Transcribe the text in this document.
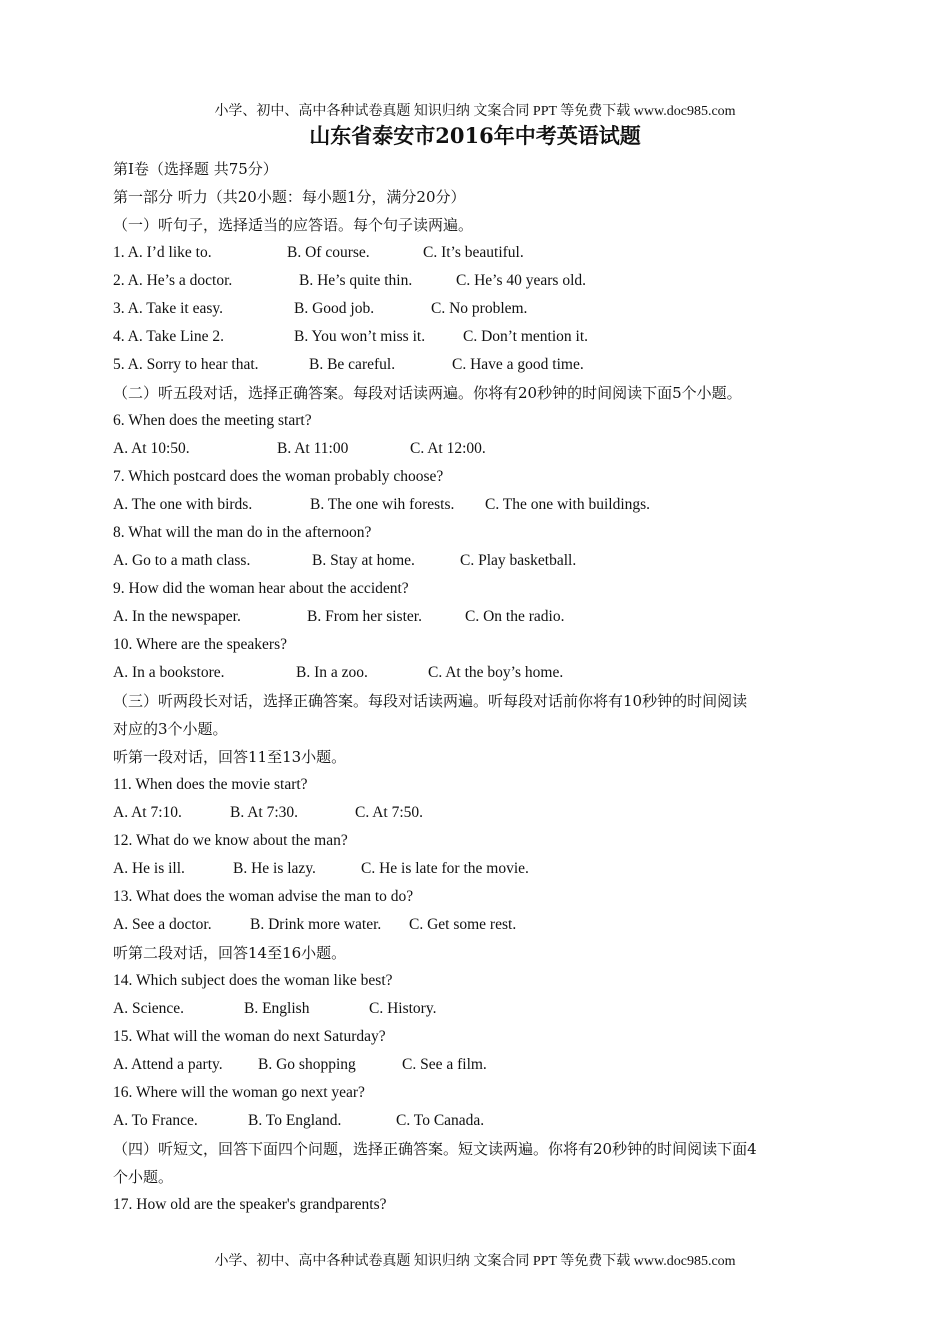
小学、初中、高中各种试卷真题 知识归纳 文案合同 PPT 等免费下载 www.doc985.com
山东省泰安市2016年中考英语试题
第Ⅰ卷（选择题 共75分）
第一部分 听力（共20小题：每小题1分，满分20分）
（一）听句子，选择适当的应答语。每个句子读两遍。
1. A. I’d like to.	B. Of course.	C. It’s beautiful.
2. A. He’s a doctor.	B. He’s quite thin.	C. He’s 40 years old.
3. A. Take it easy.	B. Good job.	C. No problem.
4. A. Take Line 2.	B. You won’t miss it.	C. Don’t mention it.
5. A. Sorry to hear that.	B. Be careful.	C. Have a good time.
（二）听五段对话，选择正确答案。每段对话读两遍。你将有20秒钟的时间阅读下面5个小题。
6. When does the meeting start?
A. At 10:50.	B. At 11:00	C. At 12:00.
7. Which postcard does the woman probably choose?
A. The one with birds.	B. The one wih forests.	C. The one with buildings.
8. What will the man do in the afternoon?
A. Go to a math class.	B. Stay at home.	C. Play basketball.
9. How did the woman hear about the accident?
A. In the newspaper.	B. From her sister.	C. On the radio.
10. Where are the speakers?
A. In a bookstore.	B. In a zoo.	C. At the boy’s home.
（三）听两段长对话，选择正确答案。每段对话读两遍。听每段对话前你将有10秒钟的时间阅读
对应的3个小题。
听第一段对话，回答11至13小题。
11. When does the movie start?
A. At 7:10.	B. At 7:30.	C. At 7:50.
12. What do we know about the man?
A. He is ill.	B. He is lazy.	C. He is late for the movie.
13. What does the woman advise the man to do?
A. See a doctor.	B. Drink more water.	C. Get some rest.
听第二段对话，回答14至16小题。
14. Which subject does the woman like best?
A. Science.	B. English	C. History.
15. What will the woman do next Saturday?
A. Attend a party.	B. Go shopping	C. See a film.
16. Where will the woman go next year?
A. To France.	B. To England.	C. To Canada.
（四）听短文，回答下面四个问题，选择正确答案。短文读两遍。你将有20秒钟的时间阅读下面4
个小题。
17. How old are the speaker's grandparents?
小学、初中、高中各种试卷真题 知识归纳 文案合同 PPT 等免费下载 www.doc985.com
